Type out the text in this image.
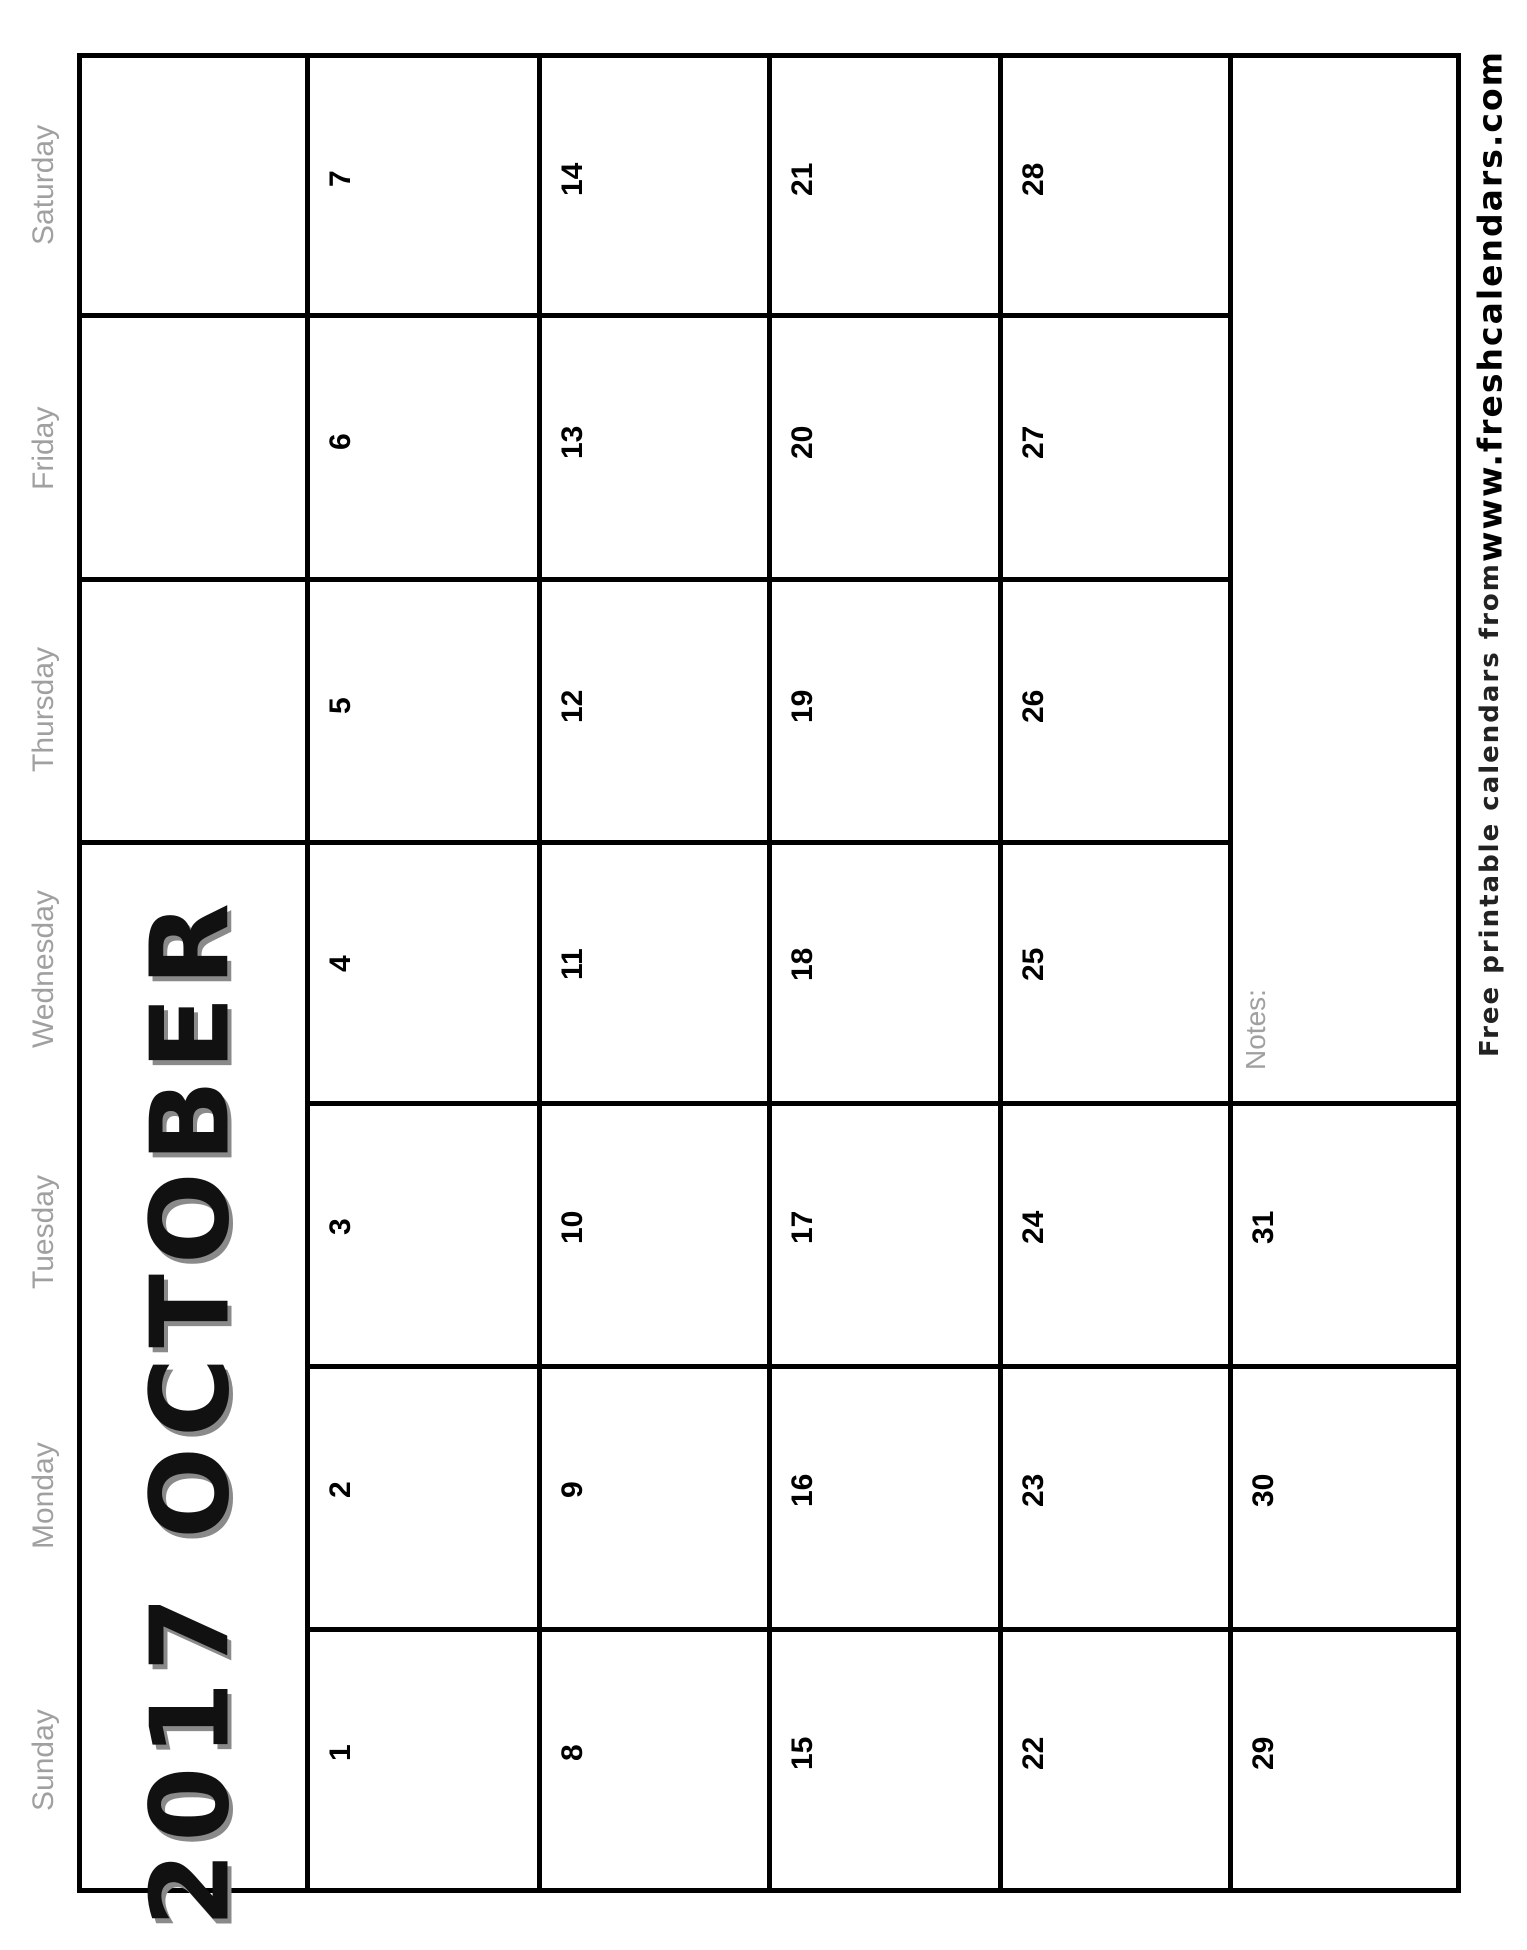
Sunday
Monday
Tuesday
Wednesday
Thursday
Friday
Saturday
2017 OCTOBER 1
2
3
4
5
6
7
8
9
10
11
12
13
14
15
16
17
18
19
20
21
22
23
24
25
26
27
28
29
30
31
Notes:	Free printable calendars from
www.freshcalendars.com
